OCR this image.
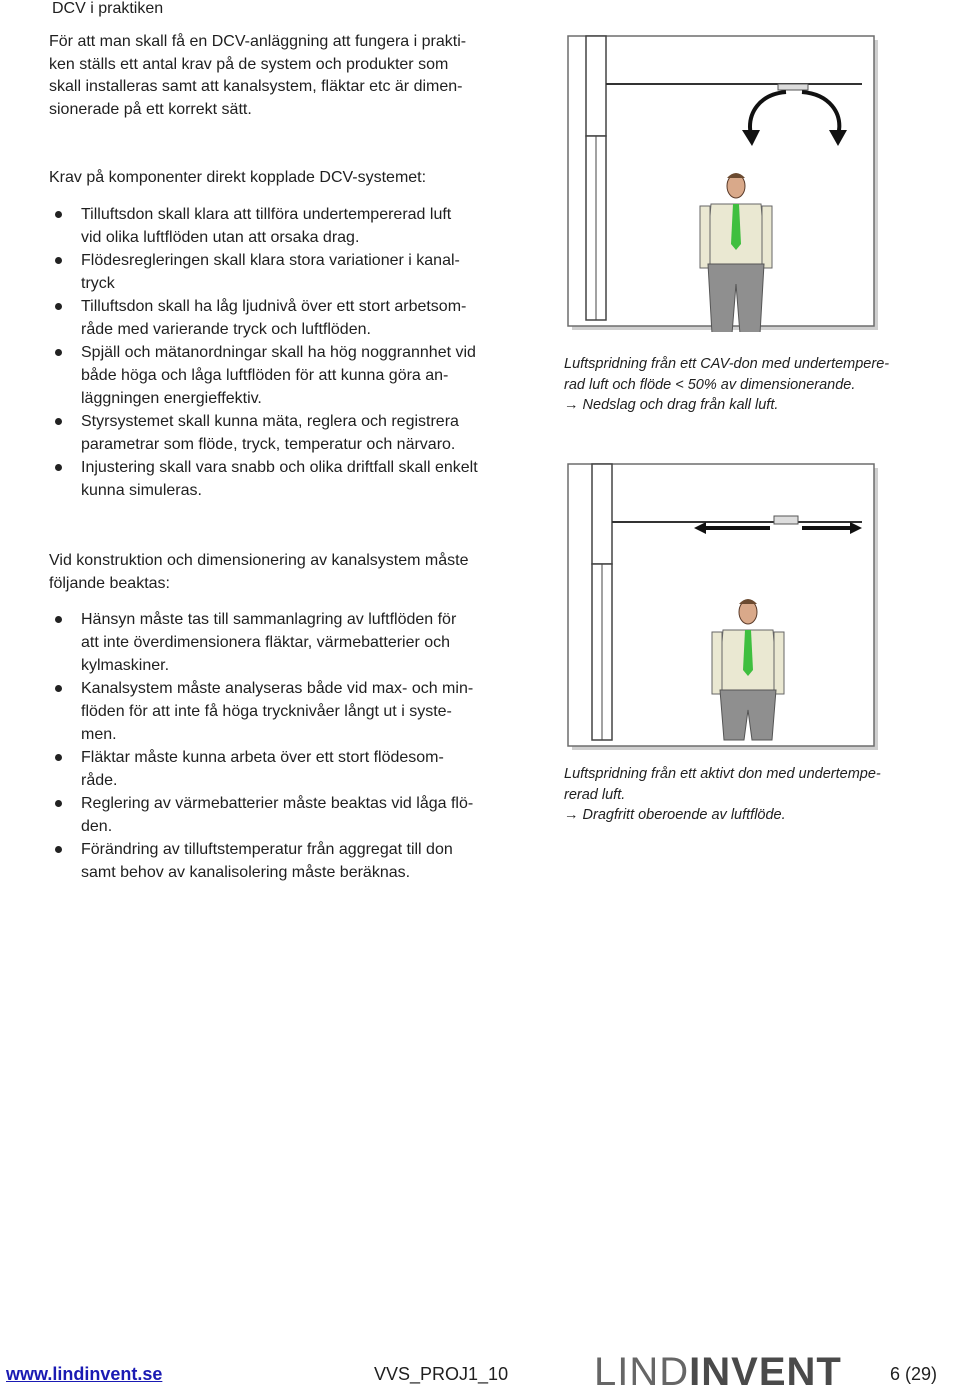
DCV i praktiken
För att man skall få en DCV-anläggning att fungera i prakti-
ken ställs ett antal krav på de system och produkter som
skall installeras samt att kanalsystem, fläktar etc är dimen-
sionerade på ett korrekt sätt.
Krav på komponenter direkt kopplade DCV-systemet:
Tilluftsdon skall klara att tillföra undertempererad luft
vid olika luftflöden utan att orsaka drag.
Flödesregleringen skall klara stora variationer i kanal-
tryck
Tilluftsdon skall ha låg ljudnivå över ett stort arbetsom-
råde med varierande tryck och luftflöden.
Spjäll och mätanordningar skall ha hög noggrannhet vid
både höga och låga luftflöden för att kunna göra an-
läggningen energieffektiv.
Styrsystemet skall kunna mäta, reglera och registrera
parametrar som flöde, tryck, temperatur och närvaro.
Injustering skall vara snabb och olika driftfall skall enkelt
kunna simuleras.
Vid konstruktion och dimensionering av kanalsystem måste
följande beaktas:
Hänsyn måste tas till sammanlagring av luftflöden för
att inte överdimensionera fläktar, värmebatterier och
kylmaskiner.
Kanalsystem måste analyseras både vid max- och min-
flöden för att inte få höga trycknivåer långt ut i syste-
men.
Fläktar måste kunna arbeta över ett stort flödesom-
råde.
Reglering av värmebatterier måste beaktas vid låga flö-
den.
Förändring av tilluftstemperatur från aggregat till don
samt behov av kanalisolering måste beräknas.
Luftspridning från ett CAV-don med undertempere-
rad luft och flöde < 50% av dimensionerande.
→ Nedslag och drag från kall luft.
Luftspridning från ett aktivt don med undertempe-
rerad luft.
→ Dragfritt oberoende av luftflöde.
www.lindinvent.se	VVS_PROJ1_10 LINDINVENT	6 (29)
